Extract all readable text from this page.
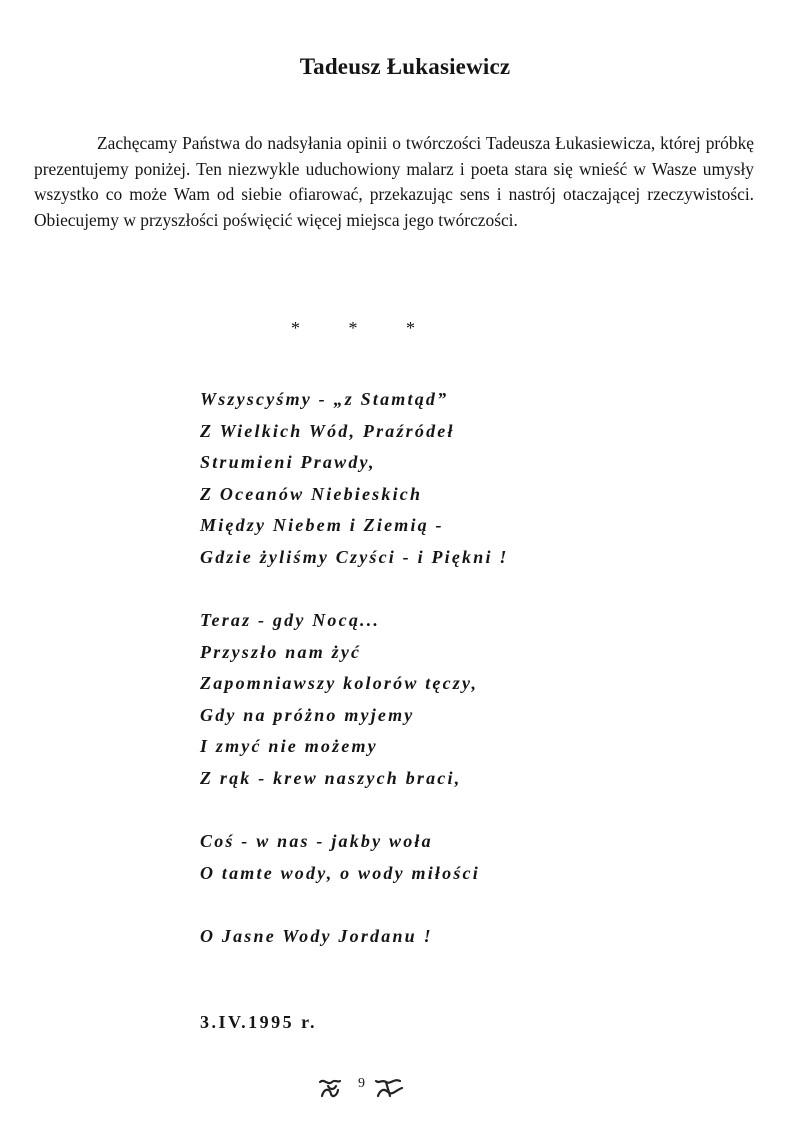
Tadeusz Łukasiewicz

Zachęcamy Państwa do nadsyłania opinii o twórczości Tadeusza Łukasiewicza, której próbkę prezentujemy poniżej. Ten niezwykle uduchowiony malarz i poeta stara się wnieść w Wasze umysły wszystko co może Wam od siebie ofiarować, przekazując sens i nastrój otaczającej rzeczywistości. Obiecujemy w przyszłości poświęcić więcej miejsca jego twórczości.

* * *
Wszyscyśmy - „z Stamtąd”
Z Wielkich Wód, Praźródeł
Strumieni Prawdy,
Z Oceanów Niebieskich
Między Niebem i Ziemią -
Gdzie żyliśmy Czyści - i Piękni !
Teraz - gdy Nocą...
Przyszło nam żyć
Zapomniawszy kolorów tęczy,
Gdy na próżno myjemy
I zmyć nie możemy
Z rąk - krew naszych braci,
Coś - w nas - jakby woła
O tamte wody, o wody miłości
O Jasne Wody Jordanu !
3.IV.1995 r.
9
